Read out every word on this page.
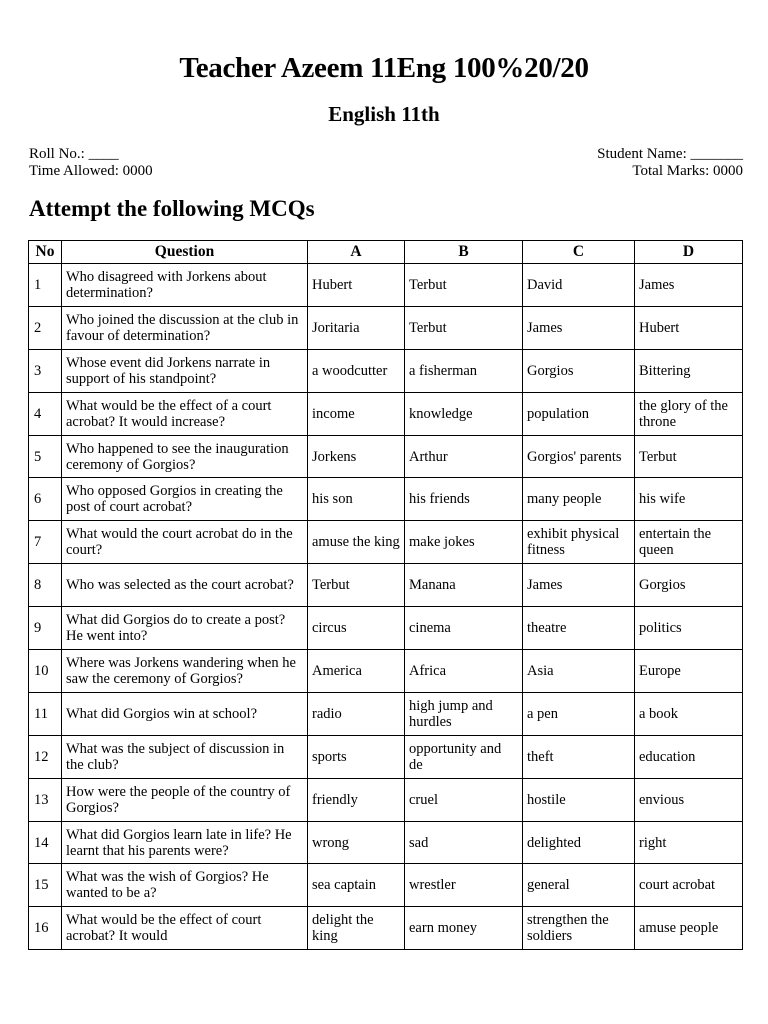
Teacher Azeem 11Eng 100%20/20
English 11th
Roll No.: ____
Time Allowed: 0000
Student Name: _______
Total Marks: 0000
Attempt the following MCQs
No	Question	A	B	C	D
1	Who disagreed with Jorkens about determination?	Hubert	Terbut	David	James
2	Who joined the discussion at the club in favour of determination?	Joritaria	Terbut	James	Hubert
3	Whose event did Jorkens narrate in support of his standpoint?	a woodcutter	a fisherman	Gorgios	Bittering
4	What would be the effect of a court acrobat? It would increase?	income	knowledge	population	the glory of the throne
5	Who happened to see the inauguration ceremony of Gorgios?	Jorkens	Arthur	Gorgios' parents	Terbut
6	Who opposed Gorgios in creating the post of court acrobat?	his son	his friends	many people	his wife
7	What would the court acrobat do in the court?	amuse the king	make jokes	exhibit physical fitness	entertain the queen
8	Who was selected as the court acrobat?	Terbut	Manana	James	Gorgios
9	What did Gorgios do to create a post? He went into?	circus	cinema	theatre	politics
10	Where was Jorkens wandering when he saw the ceremony of Gorgios?	America	Africa	Asia	Europe
11	What did Gorgios win at school?	radio	high jump and hurdles	a pen	a book
12	What was the subject of discussion in the club?	sports	opportunity and de	theft	education
13	How were the people of the country of Gorgios?	friendly	cruel	hostile	envious
14	What did Gorgios learn late in life? He learnt that his parents were?	wrong	sad	delighted	right
15	What was the wish of Gorgios? He wanted to be a?	sea captain	wrestler	general	court acrobat
16	What would be the effect of court acrobat? It would	delight the king	earn money	strengthen the soldiers	amuse people
